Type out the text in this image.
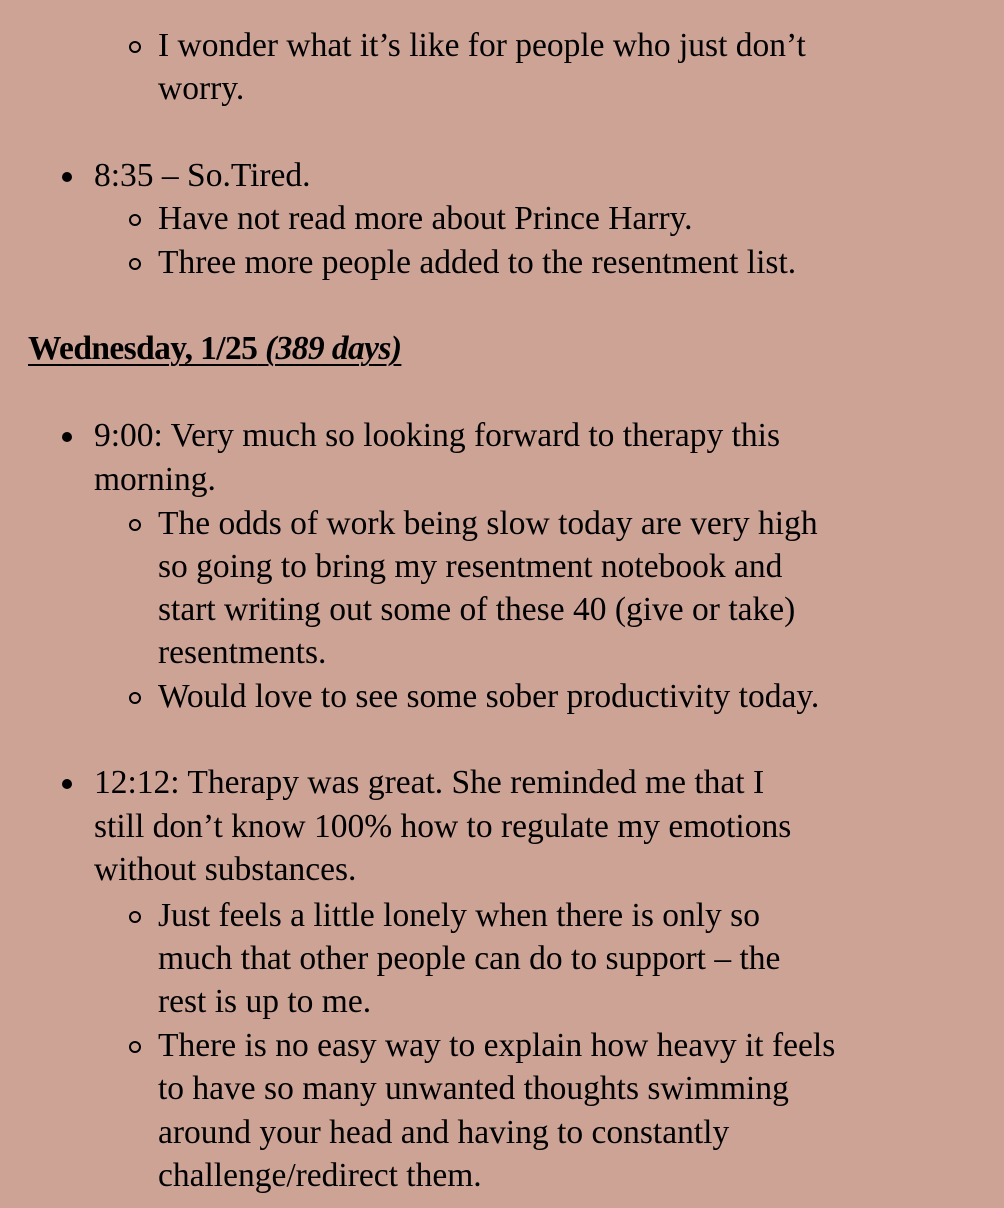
I wonder what it’s like for people who just don’t
worry.
8:35 – So.Tired.
Have not read more about Prince Harry.
Three more people added to the resentment list.
Wednesday, 1/25 (389 days)
9:00: Very much so looking forward to therapy this
morning.
The odds of work being slow today are very high
so going to bring my resentment notebook and
start writing out some of these 40 (give or take)
resentments.
Would love to see some sober productivity today.
12:12: Therapy was great. She reminded me that I
still don’t know 100% how to regulate my emotions
without substances.
Just feels a little lonely when there is only so
much that other people can do to support – the
rest is up to me.
There is no easy way to explain how heavy it feels
to have so many unwanted thoughts swimming
around your head and having to constantly
challenge/redirect them.
